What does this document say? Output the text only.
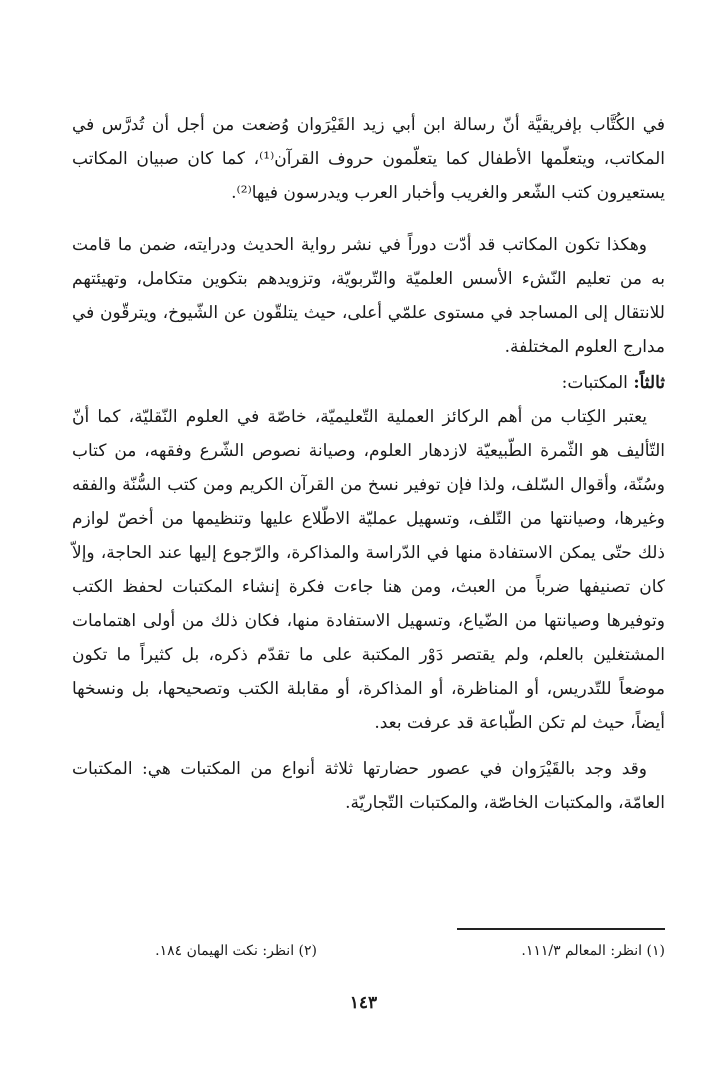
في الكُتَّاب بإفريقيَّة أنّ رسالة ابن أبي زيد القَيْرَوان وُضعت من أجل أن تُدرَّس في المكاتب، ويتعلّمها الأطفال كما يتعلّمون حروف القرآن⁽¹⁾، كما كان صبيان المكاتب يستعيرون كتب الشّعر والغريب وأخبار العرب ويدرسون فيها⁽²⁾.

وهكذا تكون المكاتب قد أدّت دوراً في نشر رواية الحديث ودرايته، ضمن ما قامت به من تعليم النّشء الأسس العلميّة والتّربويّة، وتزويدهم بتكوين متكامل، وتهيئتهم للانتقال إلى المساجد في مستوى علمّي أعلى، حيث يتلقّون عن الشّيوخ، ويترقّون في مدارج العلوم المختلفة.

ثالثاً: المكتبات:

يعتبر الكِتاب من أهم الركائز العملية التّعليميّة، خاصّة في العلوم النّقليّة، كما أنّ التّأليف هو الثّمرة الطّبيعيّة لازدهار العلوم، وصيانة نصوص الشّرع وفقهه، من كتاب وسُنّة، وأقوال السّلف، ولذا فإن توفير نسخ من القرآن الكريم ومن كتب السُّنّة والفقه وغيرها، وصيانتها من التّلف، وتسهيل عمليّة الاطّلاع عليها وتنظيمها من أخصّ لوازم ذلك حتّى يمكن الاستفادة منها في الدّراسة والمذاكرة، والرّجوع إليها عند الحاجة، وإلاّ كان تصنيفها ضرباً من العبث، ومن هنا جاءت فكرة إنشاء المكتبات لحفظ الكتب وتوفيرها وصيانتها من الضّياع، وتسهيل الاستفادة منها، فكان ذلك من أولى اهتمامات المشتغلين بالعلم، ولم يقتصر دَوْر المكتبة على ما تقدّم ذكره، بل كثيراً ما تكون موضعاً للتّدريس، أو المناظرة، أو المذاكرة، أو مقابلة الكتب وتصحيحها، بل ونسخها أيضاً، حيث لم تكن الطّباعة قد عرفت بعد.

وقد وجد بالقَيْرَوان في عصور حضارتها ثلاثة أنواع من المكتبات هي: المكتبات العامّة، والمكتبات الخاصّة، والمكتبات التّجاريّة.

(١) انظر: المعالم ١١١/٣.
(٢) انظر: نكت الهيمان ١٨٤.
١٤٣
